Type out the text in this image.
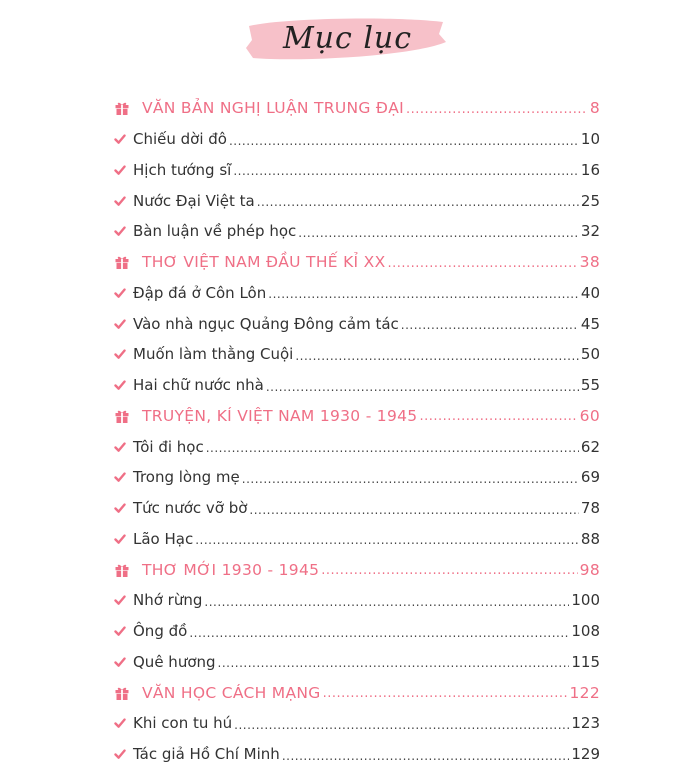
Mục lục
VĂN BẢN NGHỊ LUẬN TRUNG ĐẠI .....	8
Chiếu dời đô .....	10
Hịch tướng sĩ .....	16
Nước Đại Việt ta .....	25
Bàn luận về phép học .....	32
THƠ VIỆT NAM ĐẦU THẾ KỈ XX .....	38
Đập đá ở Côn Lôn .....	40
Vào nhà ngục Quảng Đông cảm tác .....	45
Muốn làm thằng Cuội .....	50
Hai chữ nước nhà .....	55
TRUYỆN, KÍ VIỆT NAM 1930 - 1945 .....	60
Tôi đi học .....	62
Trong lòng mẹ .....	69
Tức nước vỡ bờ .....	78
Lão Hạc .....	88
THƠ MỚI 1930 - 1945 .....	98
Nhớ rừng .....	100
Ông đồ .....	108
Quê hương .....	115
VĂN HỌC CÁCH MẠNG .....	122
Khi con tu hú .....	123
Tác giả Hồ Chí Minh .....	129
